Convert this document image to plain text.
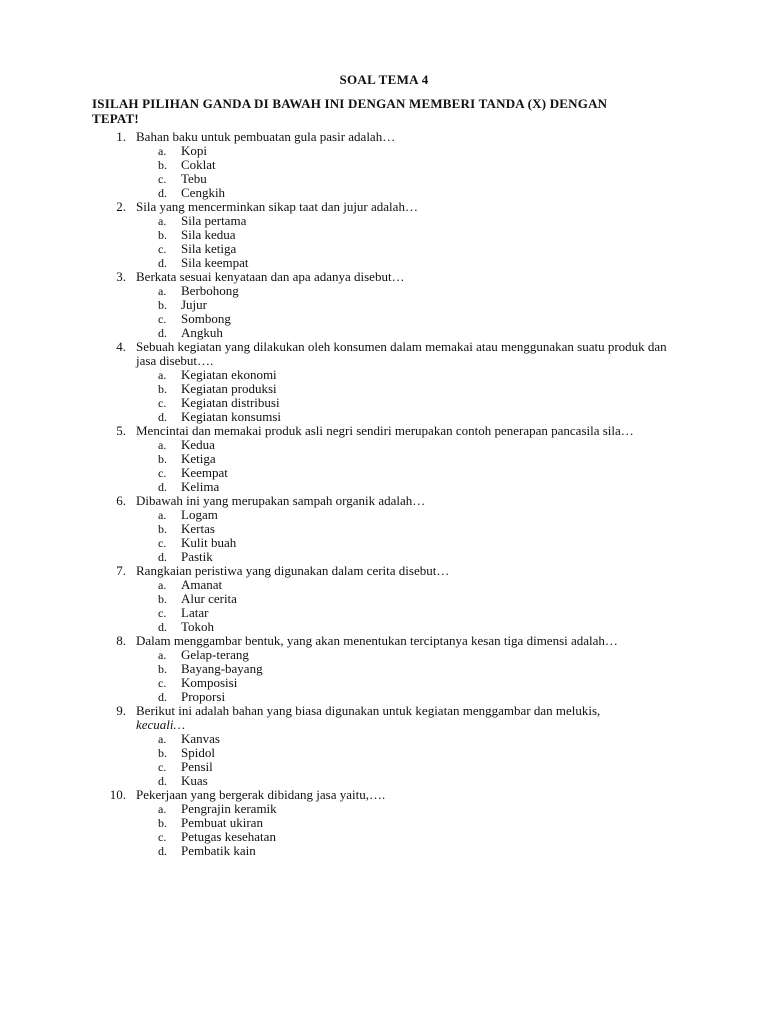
SOAL TEMA 4
ISILAH PILIHAN GANDA DI BAWAH INI DENGAN MEMBERI TANDA (X) DENGAN TEPAT!
1. Bahan baku untuk pembuatan gula pasir adalah…
a. Kopi
b. Coklat
c. Tebu
d. Cengkih
2. Sila yang mencerminkan sikap taat dan jujur adalah…
a. Sila pertama
b. Sila kedua
c. Sila ketiga
d. Sila keempat
3. Berkata sesuai kenyataan dan apa adanya disebut…
a. Berbohong
b. Jujur
c. Sombong
d. Angkuh
4. Sebuah kegiatan yang dilakukan oleh konsumen dalam memakai atau menggunakan suatu produk dan jasa disebut….
a. Kegiatan ekonomi
b. Kegiatan produksi
c. Kegiatan distribusi
d. Kegiatan konsumsi
5. Mencintai dan memakai produk asli negri sendiri merupakan contoh penerapan pancasila sila…
a. Kedua
b. Ketiga
c. Keempat
d. Kelima
6. Dibawah ini yang merupakan sampah organik adalah…
a. Logam
b. Kertas
c. Kulit buah
d. Pastik
7. Rangkaian peristiwa yang digunakan dalam cerita disebut…
a. Amanat
b. Alur cerita
c. Latar
d. Tokoh
8. Dalam menggambar bentuk, yang akan menentukan terciptanya kesan tiga dimensi adalah…
a. Gelap-terang
b. Bayang-bayang
c. Komposisi
d. Proporsi
9. Berikut ini adalah bahan yang biasa digunakan untuk kegiatan menggambar dan melukis,
kecuali…
a. Kanvas
b. Spidol
c. Pensil
d. Kuas
10. Pekerjaan yang bergerak dibidang jasa yaitu,….
a. Pengrajin keramik
b. Pembuat ukiran
c. Petugas kesehatan
d. Pembatik kain
